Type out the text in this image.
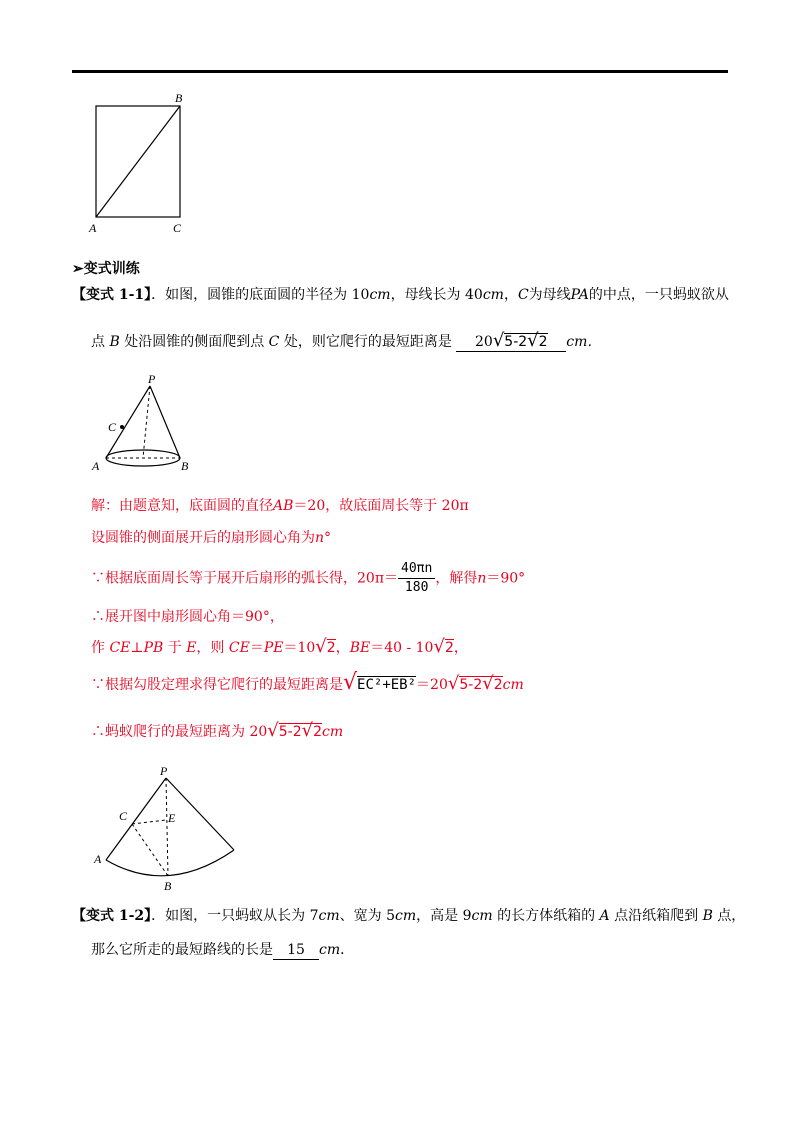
B
A	C
➢变式训练
【变式 1-1】．如图，圆锥的底面圆的半径为 10cm，母线长为 40cm，C为母线PA的中点，一只蚂蚁欲从
点 B 处沿圆锥的侧面爬到点 C 处，则它爬行的最短距离是 20√5-2√2 cm．
P
C
A	B
解：由题意知，底面圆的直径AB＝20，故底面周长等于 20π
设圆锥的侧面展开后的扇形圆心角为n°
∵根据底面周长等于展开后扇形的弧长得，$20\pi= \frac{40\pi n}{180}$ ，解得n＝90°
∴展开图中扇形圆心角＝90°，
作 CE⊥PB 于 E，则 CE＝PE＝10√2，BE＝40 - 10√2，
∵根据勾股定理求得它爬行的最短距离是√EC²+EB²＝20√5-2√2cm
∴蚂蚁爬行的最短距离为 20√5-2√2cm
P
C	E
A
B
【变式 1-2】．如图，一只蚂蚁从长为 7cm、宽为 5cm，高是 9cm 的长方体纸箱的 A 点沿纸箱爬到 B 点，
那么它所走的最短路线的长是 15 cm．
